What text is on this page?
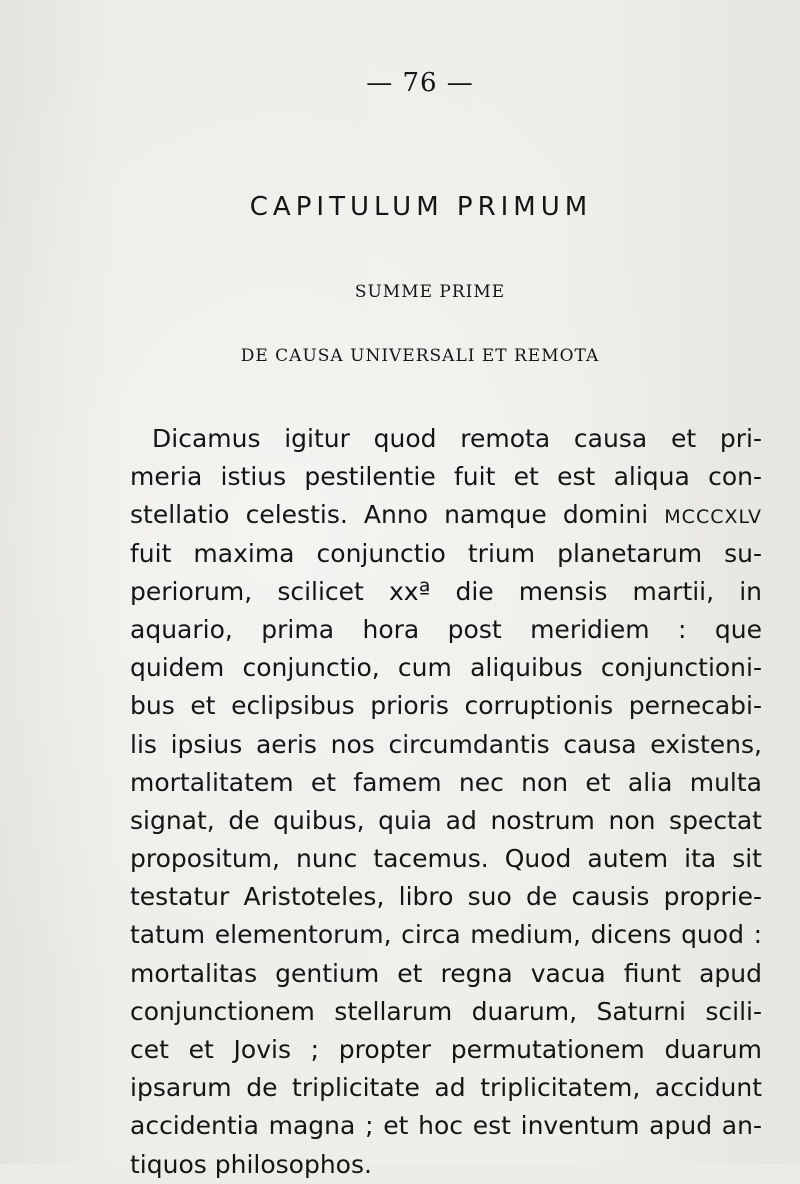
— 76 —
CAPITULUM PRIMUM
SUMME PRIME
DE CAUSA UNIVERSALI ET REMOTA
Dicamus igitur quod remota causa et pri-
meria istius pestilentie fuit et est aliqua con-
stellatio celestis. Anno namque domini MCCCXLV
fuit maxima conjunctio trium planetarum su-
periorum, scilicet xxª die mensis martii, in
aquario, prima hora post meridiem : que
quidem conjunctio, cum aliquibus conjunctioni-
bus et eclipsibus prioris corruptionis pernecabi-
lis ipsius aeris nos circumdantis causa existens,
mortalitatem et famem nec non et alia multa
signat, de quibus, quia ad nostrum non spectat
propositum, nunc tacemus. Quod autem ita sit
testatur Aristoteles, libro suo de causis proprie-
tatum elementorum, circa medium, dicens quod :
mortalitas gentium et regna vacua fiunt apud
conjunctionem stellarum duarum, Saturni scili-
cet et Jovis ; propter permutationem duarum
ipsarum de triplicitate ad triplicitatem, accidunt
accidentia magna ; et hoc est inventum apud an-
tiquos philosophos.
